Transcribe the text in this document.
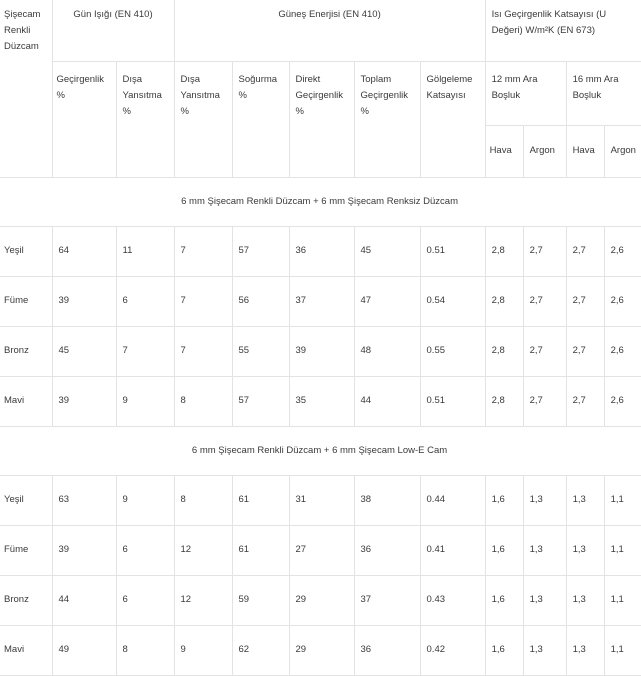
Şişecam Renkli Düzcam	Gün Işığı (EN 410)		Güneş Enerjisi (EN 410)					Isı Geçirgenlik Katsayısı (U Değeri) W/m²K (EN 673)			
	Geçirgenlik %	Dışa Yansıtma %	Dışa Yansıtma %	Soğurma %	Direkt Geçirgenlik %	Toplam Geçirgenlik %	Gölgeleme Katsayısı	12 mm Ara Boşluk		16 mm Ara Boşluk	
								Hava	Argon	Hava	Argon
6 mm Şişecam Renkli Düzcam + 6 mm Şişecam Renksiz Düzcam											
Yeşil	64	11	7	57	36	45	0.51	2,8	2,7	2,7	2,6
Füme	39	6	7	56	37	47	0.54	2,8	2,7	2,7	2,6
Bronz	45	7	7	55	39	48	0.55	2,8	2,7	2,7	2,6
Mavi	39	9	8	57	35	44	0.51	2,8	2,7	2,7	2,6
6 mm Şişecam Renkli Düzcam + 6 mm Şişecam Low-E Cam											
Yeşil	63	9	8	61	31	38	0.44	1,6	1,3	1,3	1,1
Füme	39	6	12	61	27	36	0.41	1,6	1,3	1,3	1,1
Bronz	44	6	12	59	29	37	0.43	1,6	1,3	1,3	1,1
Mavi	49	8	9	62	29	36	0.42	1,6	1,3	1,3	1,1
